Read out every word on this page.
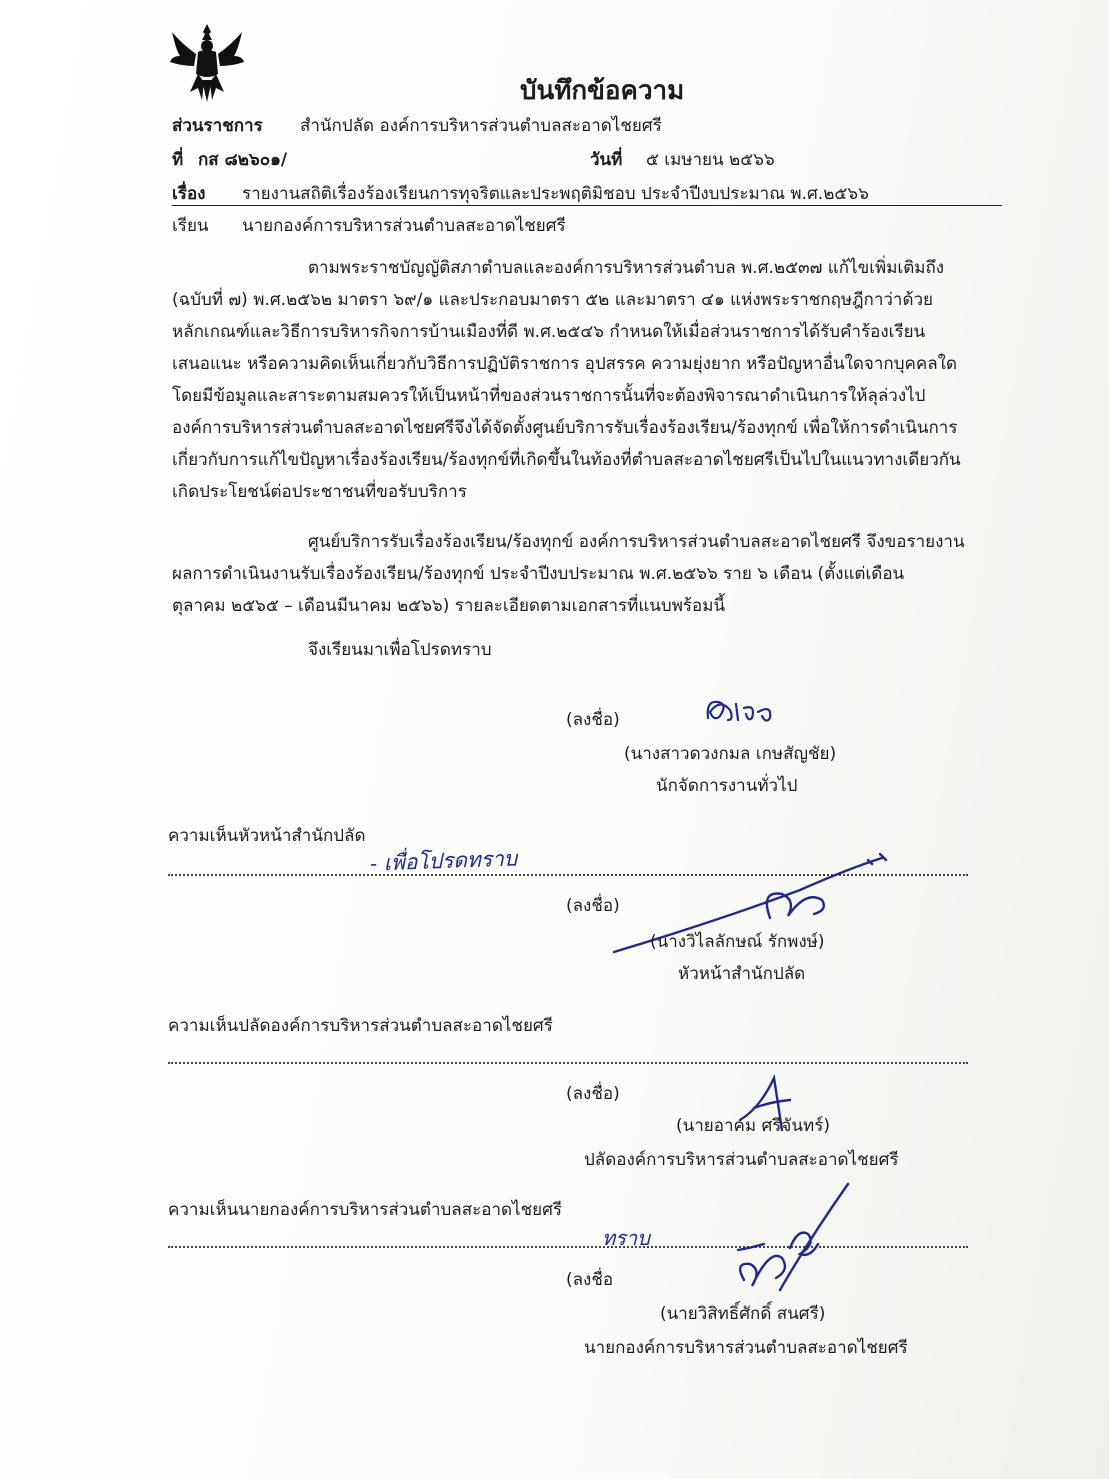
บันทึกข้อความ
ส่วนราชการ สำนักปลัด องค์การบริหารส่วนตำบลสะอาดไชยศรี
ที่ กส ๘๒๖๐๑/	วันที่ ๕ เมษายน ๒๕๖๖
เรื่อง รายงานสถิติเรื่องร้องเรียนการทุจริตและประพฤติมิชอบ ประจำปีงบประมาณ พ.ศ.๒๕๖๖
เรียน นายกองค์การบริหารส่วนตำบลสะอาดไชยศรี
ตามพระราชบัญญัติสภาตำบลและองค์การบริหารส่วนตำบล พ.ศ.๒๕๓๗ แก้ไขเพิ่มเติมถึง
(ฉบับที่ ๗) พ.ศ.๒๕๖๒ มาตรา ๖๙/๑ และประกอบมาตรา ๕๒ และมาตรา ๔๑ แห่งพระราชกฤษฎีกาว่าด้วย
หลักเกณฑ์และวิธีการบริหารกิจการบ้านเมืองที่ดี พ.ศ.๒๕๔๖ กำหนดให้เมื่อส่วนราชการได้รับคำร้องเรียน
เสนอแนะ หรือความคิดเห็นเกี่ยวกับวิธีการปฏิบัติราชการ อุปสรรค ความยุ่งยาก หรือปัญหาอื่นใดจากบุคคลใด
โดยมีข้อมูลและสาระตามสมควรให้เป็นหน้าที่ของส่วนราชการนั้นที่จะต้องพิจารณาดำเนินการให้ลุล่วงไป
องค์การบริหารส่วนตำบลสะอาดไชยศรีจึงได้จัดตั้งศูนย์บริการรับเรื่องร้องเรียน/ร้องทุกข์ เพื่อให้การดำเนินการ
เกี่ยวกับการแก้ไขปัญหาเรื่องร้องเรียน/ร้องทุกข์ที่เกิดขึ้นในท้องที่ตำบลสะอาดไชยศรีเป็นไปในแนวทางเดียวกัน
เกิดประโยชน์ต่อประชาชนที่ขอรับบริการ
ศูนย์บริการรับเรื่องร้องเรียน/ร้องทุกข์ องค์การบริหารส่วนตำบลสะอาดไชยศรี จึงขอรายงาน
ผลการดำเนินงานรับเรื่องร้องเรียน/ร้องทุกข์ ประจำปีงบประมาณ พ.ศ.๒๕๖๖ ราย ๖ เดือน (ตั้งแต่เดือน
ตุลาคม ๒๕๖๕ – เดือนมีนาคม ๒๕๖๖) รายละเอียดตามเอกสารที่แนบพร้อมนี้
จึงเรียนมาเพื่อโปรดทราบ
(ลงชื่อ)
(นางสาวดวงกมล เกษสัญชัย)
นักจัดการงานทั่วไป
ความเห็นหัวหน้าสำนักปลัด
- เพื่อโปรดทราบ
(ลงชื่อ)
(นางวิไลลักษณ์ รักพงษ์)
หัวหน้าสำนักปลัด
ความเห็นปลัดองค์การบริหารส่วนตำบลสะอาดไชยศรี
(ลงชื่อ)
(นายอาคม ศรีจันทร์)
ปลัดองค์การบริหารส่วนตำบลสะอาดไชยศรี
ความเห็นนายกองค์การบริหารส่วนตำบลสะอาดไชยศรี
ทราบ
(ลงชื่อ
(นายวิสิทธิ์ศักดิ์ สนศรี)
นายกองค์การบริหารส่วนตำบลสะอาดไชยศรี
